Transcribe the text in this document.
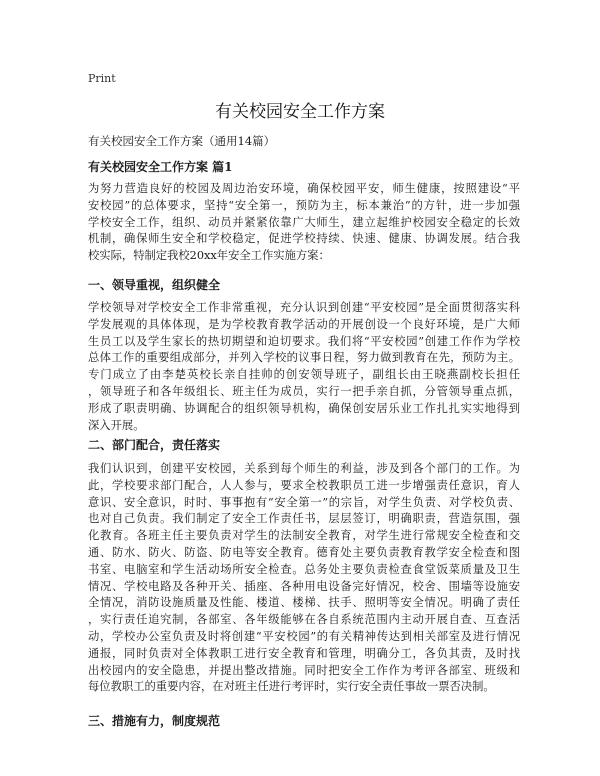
Print
有关校园安全工作方案

有关校园安全工作方案（通用14篇）

有关校园安全工作方案 篇1

为努力营造良好的校园及周边治安环境，确保校园平安，师生健康，按照建设“平
安校园”的总体要求，坚持“安全第一，预防为主，标本兼治”的方针，进一步加强
学校安全工作，组织、动员并紧紧依靠广大师生，建立起维护校园安全稳定的长效
机制，确保师生安全和学校稳定，促进学校持续、快速、健康、协调发展。结合我
校实际，特制定我校20xx年安全工作实施方案：

一、领导重视，组织健全

学校领导对学校安全工作非常重视，充分认识到创建“平安校园”是全面贯彻落实科
学发展观的具体体现，是为学校教育教学活动的开展创设一个良好环境，是广大师
生员工以及学生家长的热切期望和迫切要求。我们将“平安校园”创建工作作为学校
总体工作的重要组成部分，并列入学校的议事日程，努力做到教育在先，预防为主。
专门成立了由李楚英校长亲自挂帅的创安领导班子，副组长由王晓燕副校长担任
，领导班子和各年级组长、班主任为成员，实行一把手亲自抓，分管领导重点抓，
形成了职责明确、协调配合的组织领导机构，确保创安居乐业工作扎扎实实地得到
深入开展。

二、部门配合，责任落实

我们认识到，创建平安校园，关系到每个师生的利益，涉及到各个部门的工作。为
此，学校要求部门配合，人人参与，要求全校教职员工进一步增强责任意识，育人
意识、安全意识，时时、事事抱有“安全第一”的宗旨，对学生负责、对学校负责、
也对自己负责。我们制定了安全工作责任书，层层签订，明确职责，营造氛围，强
化教育。各班主任主要负责对学生的法制安全教育，对学生进行常规安全检查和交
通、防水、防火、防盗、防电等安全教育。德育处主要负责教育教学安全检查和图
书室、电脑室和学生活动场所安全检查。总务处主要负责检查食堂饭菜质量及卫生
情况、学校电路及各种开关、插座、各种用电设备完好情况，校舍、围墙等设施安
全情况，消防设施质量及性能、楼道、楼梯、扶手、照明等安全情况。明确了责任
，实行责任追究制，各部室、各年级能够在各自系统范围内主动开展自查、互查活
动，学校办公室负责及时将创建“平安校园”的有关精神传达到相关部室及进行情况
通报，同时负责对全体教职工进行安全教育和管理，明确分工，各负其责，及时找
出校园内的安全隐患，并提出整改措施。同时把安全工作作为考评各部室、班级和
每位教职工的重要内容，在对班主任进行考评时，实行安全责任事故一票否决制。

三、措施有力，制度规范
